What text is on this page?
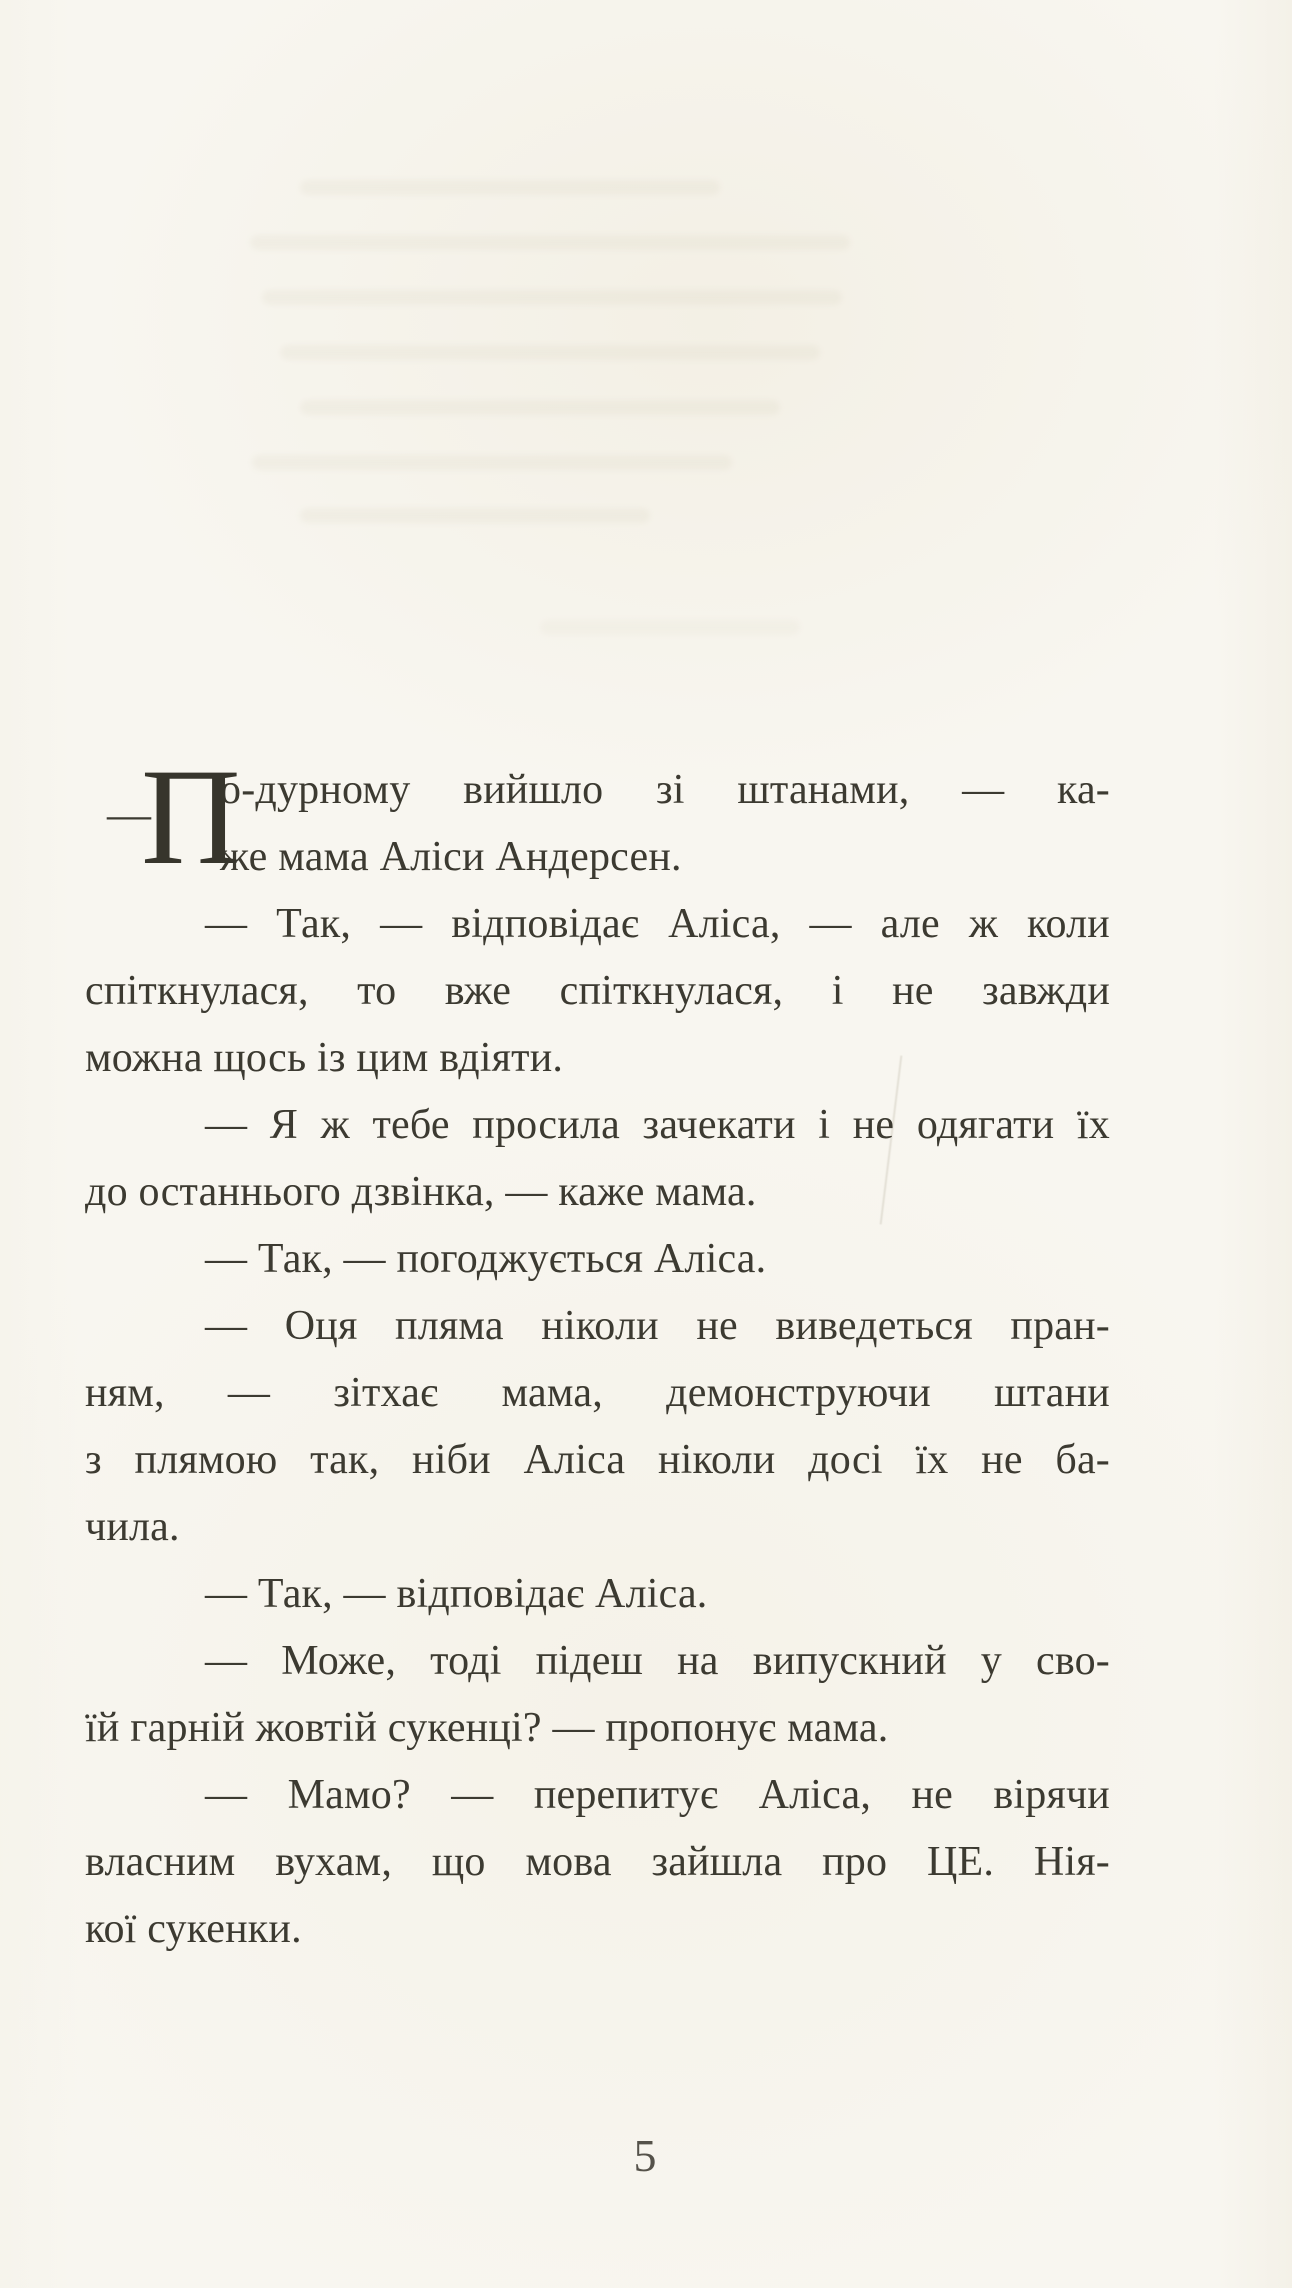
—
П
о-дурному вийшло зі штанами, — ка-
же мама Аліси Андерсен.
— Так, — відповідає Аліса, — але ж коли
спіткнулася, то вже спіткнулася, і не завжди
можна щось із цим вдіяти.
— Я ж тебе просила зачекати і не одягати їх
до останнього дзвінка, — каже мама.
— Так, — погоджується Аліса.
— Оця пляма ніколи не виведеться пран-
ням, — зітхає мама, демонструючи штани
з плямою так, ніби Аліса ніколи досі їх не ба-
чила.
— Так, — відповідає Аліса.
— Може, тоді підеш на випускний у сво-
їй гарній жовтій сукенці? — пропонує мама.
— Мамо? — перепитує Аліса, не вірячи
власним вухам, що мова зайшла про ЦЕ. Нія-
кої сукенки.
5
